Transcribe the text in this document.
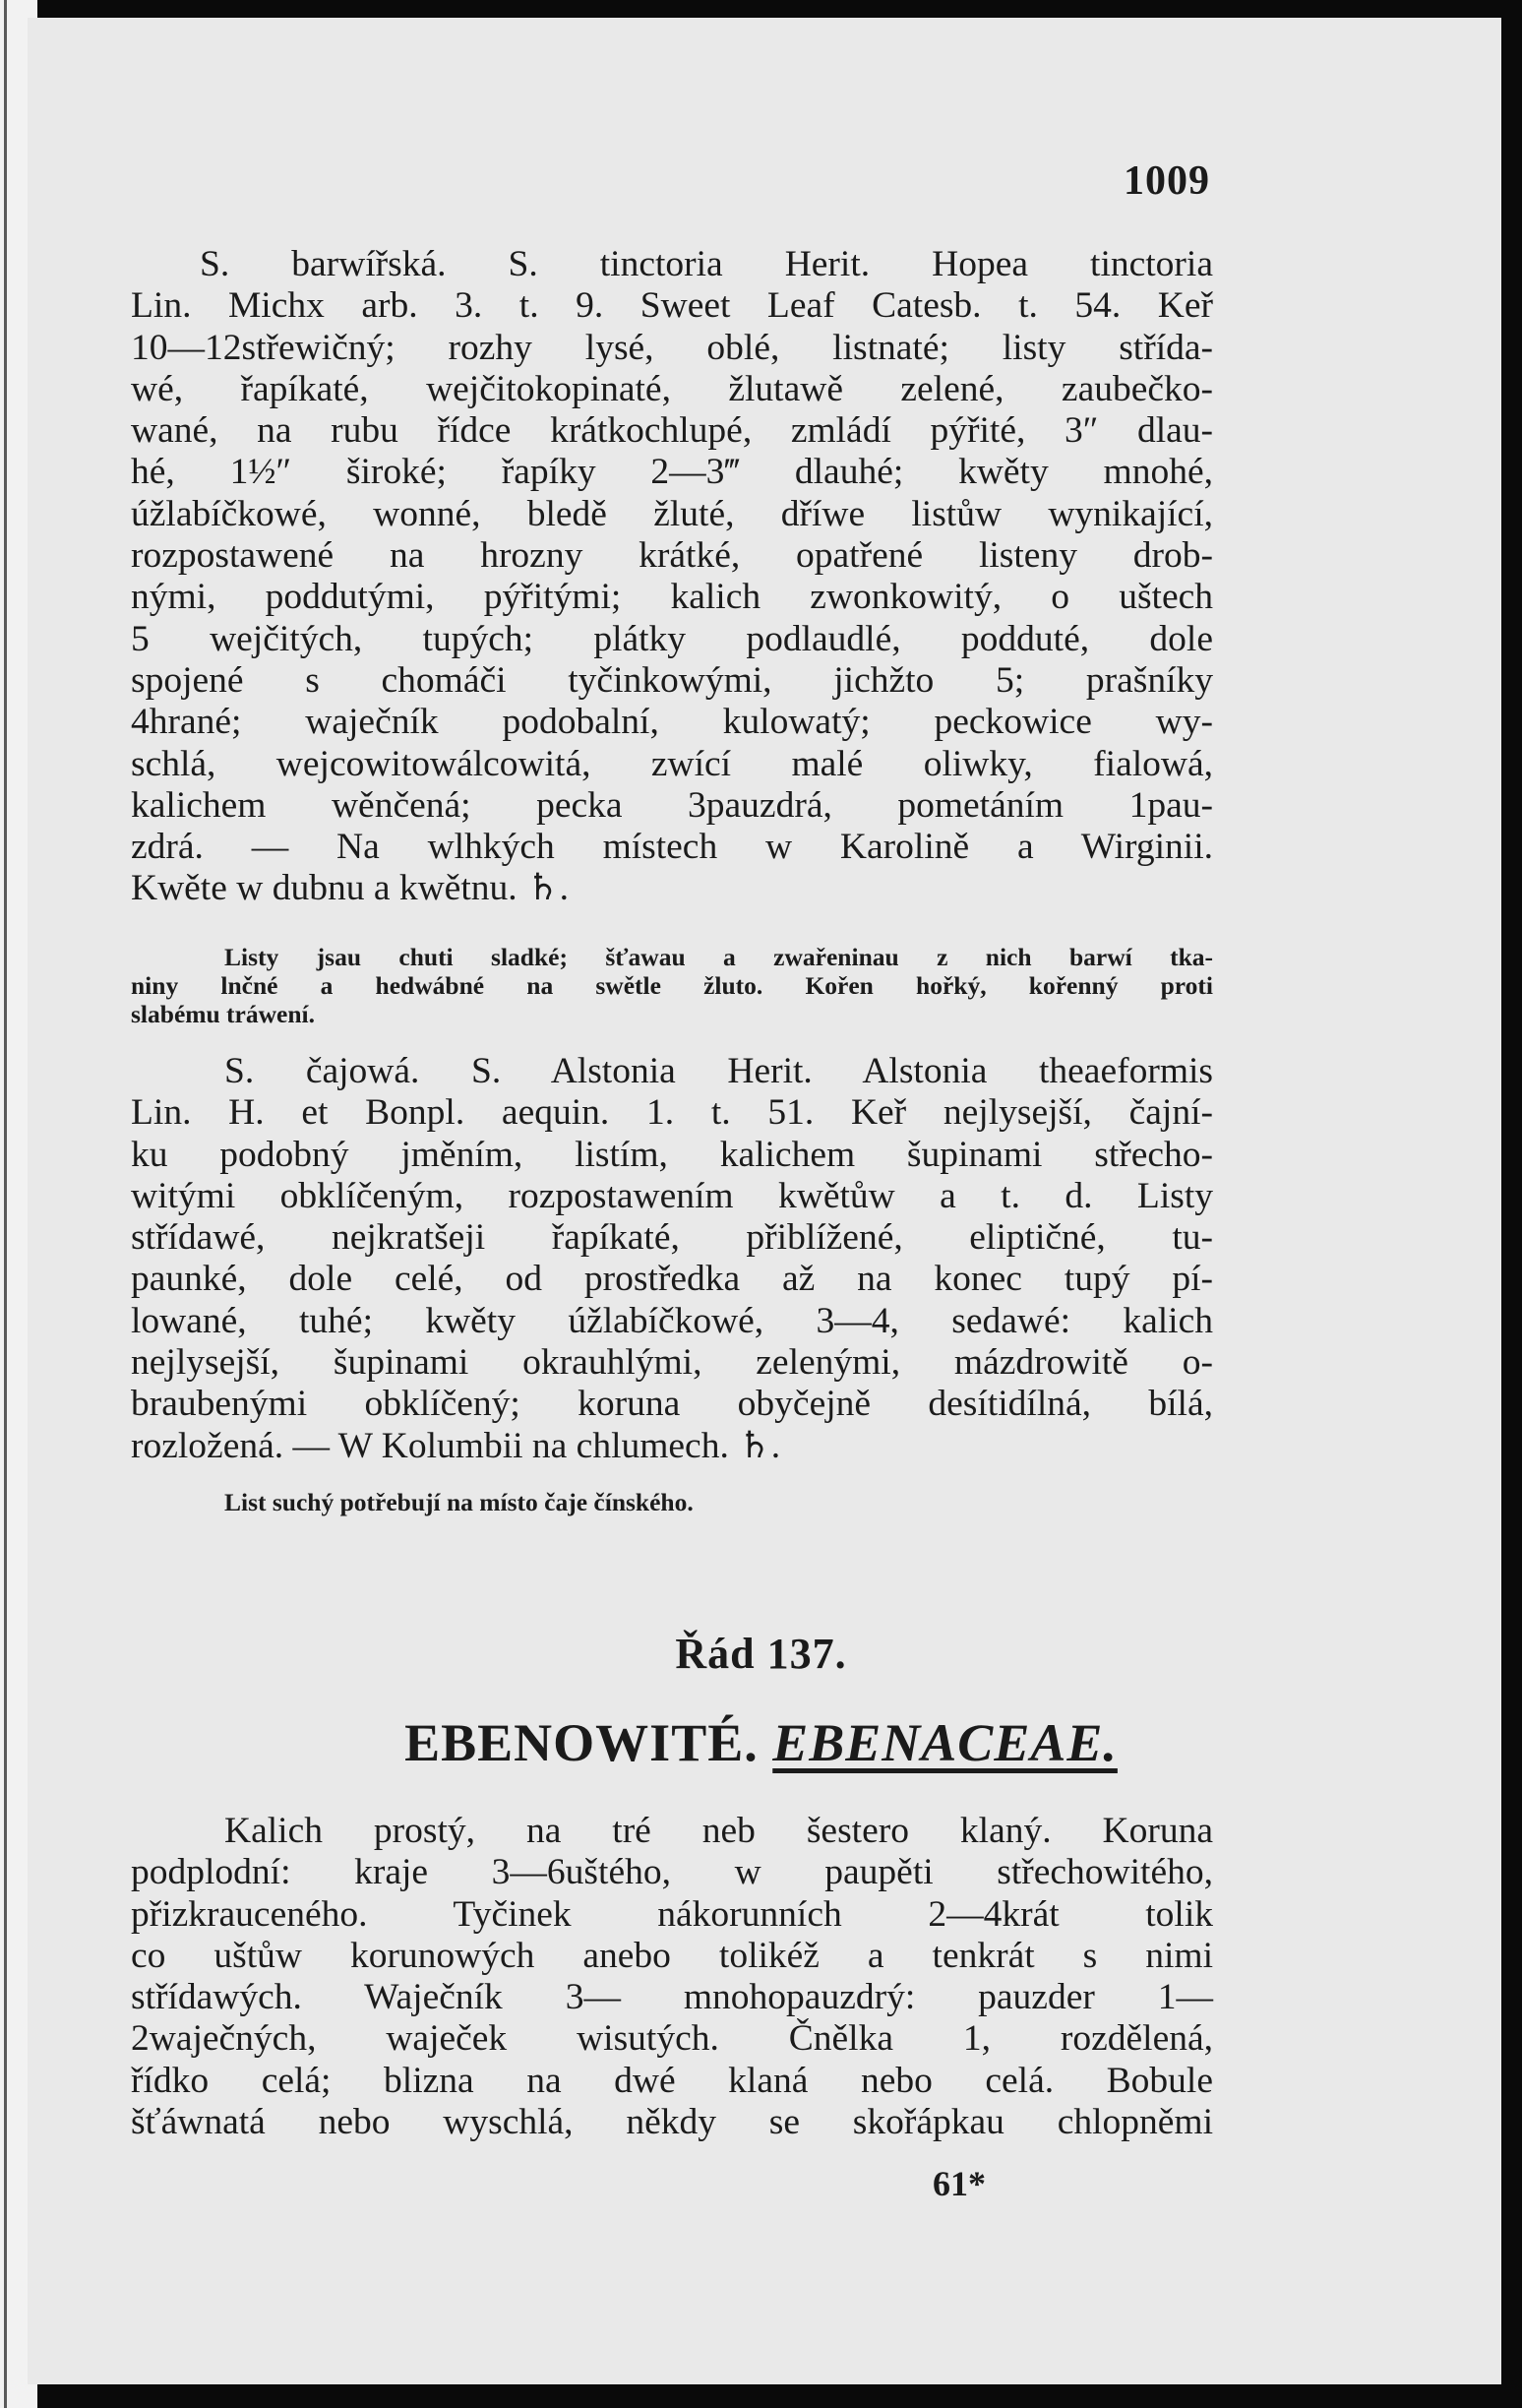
1009
S. barwířská. S. tinctoria Herit. Hopea tinctoria
Lin. Michx arb. 3. t. 9. Sweet Leaf Catesb. t. 54. Keř
10—12střewičný; rozhy lysé, oblé, listnaté; listy střída-
wé, řapíkaté, wejčitokopinaté, žlutawě zelené, zaubečko-
wané, na rubu řídce krátkochlupé, zmládí pýřité, 3″ dlau-
hé, 1½″ široké; řapíky 2—3‴ dlauhé; kwěty mnohé,
úžlabíčkowé, wonné, bledě žluté, dříwe listůw wynikající,
rozpostawené na hrozny krátké, opatřené listeny drob-
nými, poddutými, pýřitými; kalich zwonkowitý, o uštech
5 wejčitých, tupých; plátky podlaudlé, podduté, dole
spojené s chomáči tyčinkowými, jichžto 5; prašníky
4hrané; waječník podobalní, kulowatý; peckowice wy-
schlá, wejcowitowálcowitá, zwící malé oliwky, fialowá,
kalichem wěnčená; pecka 3pauzdrá, pometáním 1pau-
zdrá. — Na wlhkých místech w Karolině a Wirginii.
Kwěte w dubnu a kwětnu. ♄.
Listy jsau chuti sladké; šťawau a zwařeninau z nich barwí tka-
niny lnčné a hedwábné na swětle žluto. Kořen hořký, kořenný proti
slabému tráwení.
S. čajowá. S. Alstonia Herit. Alstonia theaeformis
Lin. H. et Bonpl. aequin. 1. t. 51. Keř nejlysejší, čajní-
ku podobný jměním, listím, kalichem šupinami střecho-
witými obklíčeným, rozpostawením kwětůw a t. d. Listy
střídawé, nejkratšeji řapíkaté, přiblížené, eliptičné, tu-
paunké, dole celé, od prostředka až na konec tupý pí-
lowané, tuhé; kwěty úžlabíčkowé, 3—4, sedawé: kalich
nejlysejší, šupinami okrauhlými, zelenými, mázdrowitě o-
braubenými obklíčený; koruna obyčejně desítidílná, bílá,
rozložená. — W Kolumbii na chlumech. ♄.
List suchý potřebují na místo čaje čínského.
Řád 137.
EBENOWITÉ. EBENACEAE.
Kalich prostý, na tré neb šestero klaný. Koruna
podplodní: kraje 3—6uštého, w paupěti střechowitého,
přizkrauceného. Tyčinek nákorunních 2—4krát tolik
co uštůw korunowých anebo tolikéž a tenkrát s nimi
střídawých. Waječník 3— mnohopauzdrý: pauzder 1—
2waječných, waječek wisutých. Čnělka 1, rozdělená,
řídko celá; blizna na dwé klaná nebo celá. Bobule
šťáwnatá nebo wyschlá, někdy se skořápkau chlopněmi
61*
